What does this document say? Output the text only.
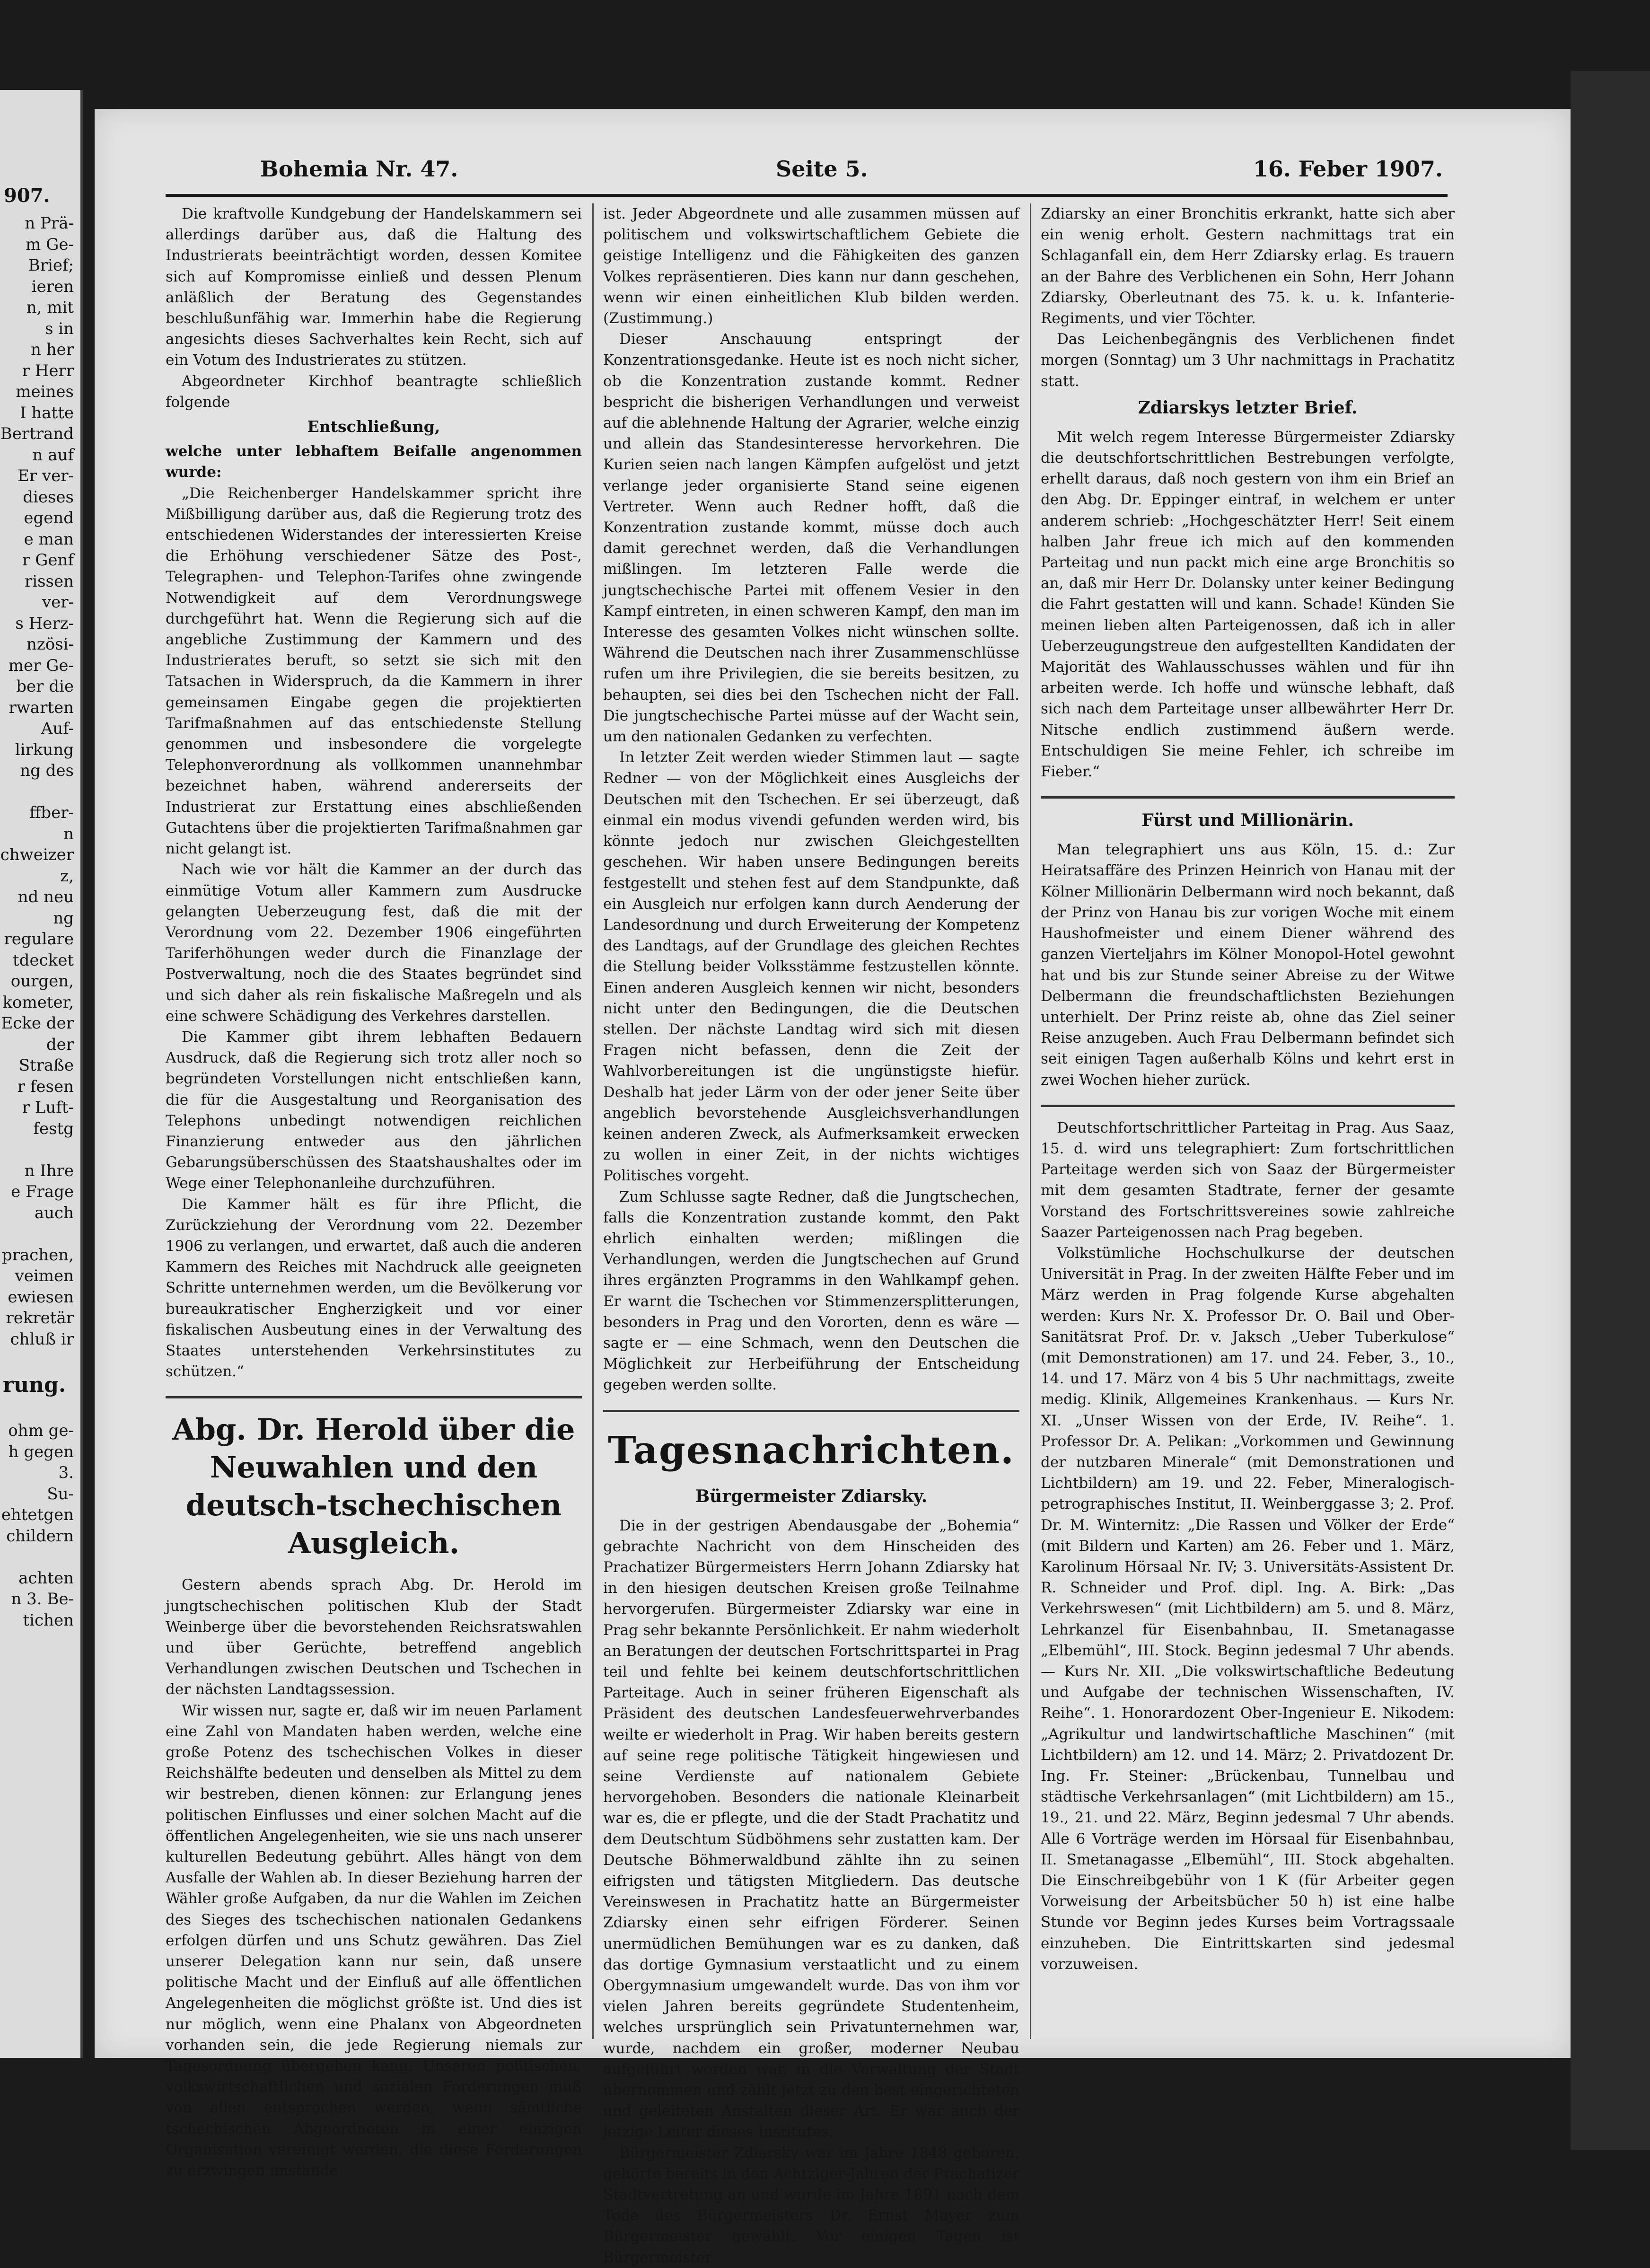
907.
n Prä-
m Ge-
Brief;
ieren
n, mit
s in
n her
r Herr
meines
I hatte
Bertrand
n auf
Er ver-
dieses
egend
e man
r Genf
rissen
ver-
s Herz-
nzösi-
mer Ge-
ber die
rwarten
Auf-
lirkung
ng des

ffber-
n
chweizer
z,
nd neu
ng
regulare
tdecket
ourgen,
kometer,
Ecke der
der
Straße
r fesen
r Luft-
festg

n Ihre
e Frage
auch

prachen,
veimen
ewiesen
rekretär
chluß ir

rung.

ohm ge-
h gegen
3.
Su-
ehtetgen
childern

achten
n 3. Be-
tichen

Bohemia Nr. 47.	Seite 5.	16. Feber 1907.

Die kraftvolle Kundgebung der Handelskammern sei allerdings darüber aus, daß die Haltung des Industrierats beeinträchtigt worden, dessen Komitee sich auf Kompromisse einließ und dessen Plenum anläßlich der Beratung des Gegenstandes beschlußunfähig war. Immerhin habe die Regierung angesichts dieses Sachverhaltes kein Recht, sich auf ein Votum des Industrierates zu stützen.

Abgeordneter Kirchhof beantragte schließlich folgende

Entschließung,

welche unter lebhaftem Beifalle angenommen wurde:

„Die Reichenberger Handelskammer spricht ihre Mißbilligung darüber aus, daß die Regierung trotz des entschiedenen Widerstandes der interessierten Kreise die Erhöhung verschiedener Sätze des Post-, Telegraphen- und Telephon-Tarifes ohne zwingende Notwendigkeit auf dem Verordnungswege durchgeführt hat. Wenn die Regierung sich auf die angebliche Zustimmung der Kammern und des Industrierates beruft, so setzt sie sich mit den Tatsachen in Widerspruch, da die Kammern in ihrer gemeinsamen Eingabe gegen die projektierten Tarifmaßnahmen auf das entschiedenste Stellung genommen und insbesondere die vorgelegte Telephonverordnung als vollkommen unannehmbar bezeichnet haben, während andererseits der Industrierat zur Erstattung eines abschließenden Gutachtens über die projektierten Tarifmaßnahmen gar nicht gelangt ist.

Nach wie vor hält die Kammer an der durch das einmütige Votum aller Kammern zum Ausdrucke gelangten Ueberzeugung fest, daß die mit der Verordnung vom 22. Dezember 1906 eingeführten Tariferhöhungen weder durch die Finanzlage der Postverwaltung, noch die des Staates begründet sind und sich daher als rein fiskalische Maßregeln und als eine schwere Schädigung des Verkehres darstellen.

Die Kammer gibt ihrem lebhaften Bedauern Ausdruck, daß die Regierung sich trotz aller noch so begründeten Vorstellungen nicht entschließen kann, die für die Ausgestaltung und Reorganisation des Telephons unbedingt notwendigen reichlichen Finanzierung entweder aus den jährlichen Gebarungsüberschüssen des Staatshaushaltes oder im Wege einer Telephonanleihe durchzuführen.

Die Kammer hält es für ihre Pflicht, die Zurückziehung der Verordnung vom 22. Dezember 1906 zu verlangen, und erwartet, daß auch die anderen Kammern des Reiches mit Nachdruck alle geeigneten Schritte unternehmen werden, um die Bevölkerung vor bureaukratischer Engherzigkeit und vor einer fiskalischen Ausbeutung eines in der Verwaltung des Staates unterstehenden Verkehrsinstitutes zu schützen.“

Abg. Dr. Herold über die Neuwahlen und den deutsch-tschechischen Ausgleich.

Gestern abends sprach Abg. Dr. Herold im jungtschechischen politischen Klub der Stadt Weinberge über die bevorstehenden Reichsratswahlen und über Gerüchte, betreffend angeblich Verhandlungen zwischen Deutschen und Tschechen in der nächsten Landtagssession.

Wir wissen nur, sagte er, daß wir im neuen Parlament eine Zahl von Mandaten haben werden, welche eine große Potenz des tschechischen Volkes in dieser Reichshälfte bedeuten und denselben als Mittel zu dem wir bestreben, dienen können: zur Erlangung jenes politischen Einflusses und einer solchen Macht auf die öffentlichen Angelegenheiten, wie sie uns nach unserer kulturellen Bedeutung gebührt. Alles hängt von dem Ausfalle der Wahlen ab. In dieser Beziehung harren der Wähler große Aufgaben, da nur die Wahlen im Zeichen des Sieges des tschechischen nationalen Gedankens erfolgen dürfen und uns Schutz gewähren. Das Ziel unserer Delegation kann nur sein, daß unsere politische Macht und der Einfluß auf alle öffentlichen Angelegenheiten die möglichst größte ist. Und dies ist nur möglich, wenn eine Phalanx von Abgeordneten vorhanden sein, die jede Regierung niemals zur Tagesordnung übergehen kann. Unseren politischen, volkswirtschaftlichen und sozialen Forderungen muß von allen entsprochen werden, wenn sämtliche tschechischen Abgeordneten in einer einzigen Organisation vereinigt werden, die diese Forderungen zu erzwingen imstande

ist. Jeder Abgeordnete und alle zusammen müssen auf politischem und volkswirtschaftlichem Gebiete die geistige Intelligenz und die Fähigkeiten des ganzen Volkes repräsentieren. Dies kann nur dann geschehen, wenn wir einen einheitlichen Klub bilden werden. (Zustimmung.)

Dieser Anschauung entspringt der Konzentrationsgedanke. Heute ist es noch nicht sicher, ob die Konzentration zustande kommt. Redner bespricht die bisherigen Verhandlungen und verweist auf die ablehnende Haltung der Agrarier, welche einzig und allein das Standesinteresse hervorkehren. Die Kurien seien nach langen Kämpfen aufgelöst und jetzt verlange jeder organisierte Stand seine eigenen Vertreter. Wenn auch Redner hofft, daß die Konzentration zustande kommt, müsse doch auch damit gerechnet werden, daß die Verhandlungen mißlingen. Im letzteren Falle werde die jungtschechische Partei mit offenem Vesier in den Kampf eintreten, in einen schweren Kampf, den man im Interesse des gesamten Volkes nicht wünschen sollte. Während die Deutschen nach ihrer Zusammenschlüsse rufen um ihre Privilegien, die sie bereits besitzen, zu behaupten, sei dies bei den Tschechen nicht der Fall. Die jungtschechische Partei müsse auf der Wacht sein, um den nationalen Gedanken zu verfechten.

In letzter Zeit werden wieder Stimmen laut — sagte Redner — von der Möglichkeit eines Ausgleichs der Deutschen mit den Tschechen. Er sei überzeugt, daß einmal ein modus vivendi gefunden werden wird, bis könnte jedoch nur zwischen Gleichgestellten geschehen. Wir haben unsere Bedingungen bereits festgestellt und stehen fest auf dem Standpunkte, daß ein Ausgleich nur erfolgen kann durch Aenderung der Landesordnung und durch Erweiterung der Kompetenz des Landtags, auf der Grundlage des gleichen Rechtes die Stellung beider Volksstämme festzustellen könnte. Einen anderen Ausgleich kennen wir nicht, besonders nicht unter den Bedingungen, die die Deutschen stellen. Der nächste Landtag wird sich mit diesen Fragen nicht befassen, denn die Zeit der Wahlvorbereitungen ist die ungünstigste hiefür. Deshalb hat jeder Lärm von der oder jener Seite über angeblich bevorstehende Ausgleichsverhandlungen keinen anderen Zweck, als Aufmerksamkeit erwecken zu wollen in einer Zeit, in der nichts wichtiges Politisches vorgeht.

Zum Schlusse sagte Redner, daß die Jungtschechen, falls die Konzentration zustande kommt, den Pakt ehrlich einhalten werden; mißlingen die Verhandlungen, werden die Jungtschechen auf Grund ihres ergänzten Programms in den Wahlkampf gehen. Er warnt die Tschechen vor Stimmenzersplitterungen, besonders in Prag und den Vororten, denn es wäre — sagte er — eine Schmach, wenn den Deutschen die Möglichkeit zur Herbeiführung der Entscheidung gegeben werden sollte.

Tagesnachrichten.
Bürgermeister Zdiarsky.

Die in der gestrigen Abendausgabe der „Bohemia“ gebrachte Nachricht von dem Hinscheiden des Prachatizer Bürgermeisters Herrn Johann Zdiarsky hat in den hiesigen deutschen Kreisen große Teilnahme hervorgerufen. Bürgermeister Zdiarsky war eine in Prag sehr bekannte Persönlichkeit. Er nahm wiederholt an Beratungen der deutschen Fortschrittspartei in Prag teil und fehlte bei keinem deutschfortschrittlichen Parteitage. Auch in seiner früheren Eigenschaft als Präsident des deutschen Landesfeuerwehrverbandes weilte er wiederholt in Prag. Wir haben bereits gestern auf seine rege politische Tätigkeit hingewiesen und seine Verdienste auf nationalem Gebiete hervorgehoben. Besonders die nationale Kleinarbeit war es, die er pflegte, und die der Stadt Prachatitz und dem Deutschtum Südböhmens sehr zustatten kam. Der Deutsche Böhmerwaldbund zählte ihn zu seinen eifrigsten und tätigsten Mitgliedern. Das deutsche Vereinswesen in Prachatitz hatte an Bürgermeister Zdiarsky einen sehr eifrigen Förderer. Seinen unermüdlichen Bemühungen war es zu danken, daß das dortige Gymnasium verstaatlicht und zu einem Obergymnasium umgewandelt wurde. Das von ihm vor vielen Jahren bereits gegründete Studentenheim, welches ursprünglich sein Privatunternehmen war, wurde, nachdem ein großer, moderner Neubau aufgeführt worden war, in die Verwaltung der Stadt übernommen und zählt jetzt zu den best eingerichteten und geleiteten Anstalten dieser Art. Er war auch der jetzige Leiter dieses Institutes.

Bürgermeister Zdiarsky war im Jahre 1848 geboren, gehörte bereits in den Achtziger-Jahren der Prachatizer Stadtvertretung an und wurde im Jahre 1891 nach dem Tode des Bürgermeisters Dr. Ernst Mayer zum Bürgermeister gewählt. Vor einigen Tagen ist Bürgermeister

Zdiarsky an einer Bronchitis erkrankt, hatte sich aber ein wenig erholt. Gestern nachmittags trat ein Schlaganfall ein, dem Herr Zdiarsky erlag. Es trauern an der Bahre des Verblichenen ein Sohn, Herr Johann Zdiarsky, Oberleutnant des 75. k. u. k. Infanterie-Regiments, und vier Töchter.

Das Leichenbegängnis des Verblichenen findet morgen (Sonntag) um 3 Uhr nachmittags in Prachatitz statt.

Zdiarskys letzter Brief.

Mit welch regem Interesse Bürgermeister Zdiarsky die deutschfortschrittlichen Bestrebungen verfolgte, erhellt daraus, daß noch gestern von ihm ein Brief an den Abg. Dr. Eppinger eintraf, in welchem er unter anderem schrieb: „Hochgeschätzter Herr! Seit einem halben Jahr freue ich mich auf den kommenden Parteitag und nun packt mich eine arge Bronchitis so an, daß mir Herr Dr. Dolansky unter keiner Bedingung die Fahrt gestatten will und kann. Schade! Künden Sie meinen lieben alten Parteigenossen, daß ich in aller Ueberzeugungstreue den aufgestellten Kandidaten der Majorität des Wahlausschusses wählen und für ihn arbeiten werde. Ich hoffe und wünsche lebhaft, daß sich nach dem Parteitage unser allbewährter Herr Dr. Nitsche endlich zustimmend äußern werde. Entschuldigen Sie meine Fehler, ich schreibe im Fieber.“

Fürst und Millionärin.

Man telegraphiert uns aus Köln, 15. d.: Zur Heiratsaffäre des Prinzen Heinrich von Hanau mit der Kölner Millionärin Delbermann wird noch bekannt, daß der Prinz von Hanau bis zur vorigen Woche mit einem Haushofmeister und einem Diener während des ganzen Vierteljahrs im Kölner Monopol-Hotel gewohnt hat und bis zur Stunde seiner Abreise zu der Witwe Delbermann die freundschaftlichsten Beziehungen unterhielt. Der Prinz reiste ab, ohne das Ziel seiner Reise anzugeben. Auch Frau Delbermann befindet sich seit einigen Tagen außerhalb Kölns und kehrt erst in zwei Wochen hieher zurück.

Deutschfortschrittlicher Parteitag in Prag. Aus Saaz, 15. d. wird uns telegraphiert: Zum fortschrittlichen Parteitage werden sich von Saaz der Bürgermeister mit dem gesamten Stadtrate, ferner der gesamte Vorstand des Fortschrittsvereines sowie zahlreiche Saazer Parteigenossen nach Prag begeben.

Volkstümliche Hochschulkurse der deutschen Universität in Prag. In der zweiten Hälfte Feber und im März werden in Prag folgende Kurse abgehalten werden: Kurs Nr. X. Professor Dr. O. Bail und Ober-Sanitätsrat Prof. Dr. v. Jaksch „Ueber Tuberkulose“ (mit Demonstrationen) am 17. und 24. Feber, 3., 10., 14. und 17. März von 4 bis 5 Uhr nachmittags, zweite medig. Klinik, Allgemeines Krankenhaus. — Kurs Nr. XI. „Unser Wissen von der Erde, IV. Reihe“. 1. Professor Dr. A. Pelikan: „Vorkommen und Gewinnung der nutzbaren Minerale“ (mit Demonstrationen und Lichtbildern) am 19. und 22. Feber, Mineralogisch-petrographisches Institut, II. Weinberggasse 3; 2. Prof. Dr. M. Winternitz: „Die Rassen und Völker der Erde“ (mit Bildern und Karten) am 26. Feber und 1. März, Karolinum Hörsaal Nr. IV; 3. Universitäts-Assistent Dr. R. Schneider und Prof. dipl. Ing. A. Birk: „Das Verkehrswesen“ (mit Lichtbildern) am 5. und 8. März, Lehrkanzel für Eisenbahnbau, II. Smetanagasse „Elbemühl“, III. Stock. Beginn jedesmal 7 Uhr abends. — Kurs Nr. XII. „Die volkswirtschaftliche Bedeutung und Aufgabe der technischen Wissenschaften, IV. Reihe“. 1. Honorardozent Ober-Ingenieur E. Nikodem: „Agrikultur und landwirtschaftliche Maschinen“ (mit Lichtbildern) am 12. und 14. März; 2. Privatdozent Dr. Ing. Fr. Steiner: „Brückenbau, Tunnelbau und städtische Verkehrsanlagen“ (mit Lichtbildern) am 15., 19., 21. und 22. März, Beginn jedesmal 7 Uhr abends. Alle 6 Vorträge werden im Hörsaal für Eisenbahnbau, II. Smetanagasse „Elbemühl“, III. Stock abgehalten. Die Einschreibgebühr von 1 K (für Arbeiter gegen Vorweisung der Arbeitsbücher 50 h) ist eine halbe Stunde vor Beginn jedes Kurses beim Vortragssaale einzuheben. Die Eintrittskarten sind jedesmal vorzuweisen.
